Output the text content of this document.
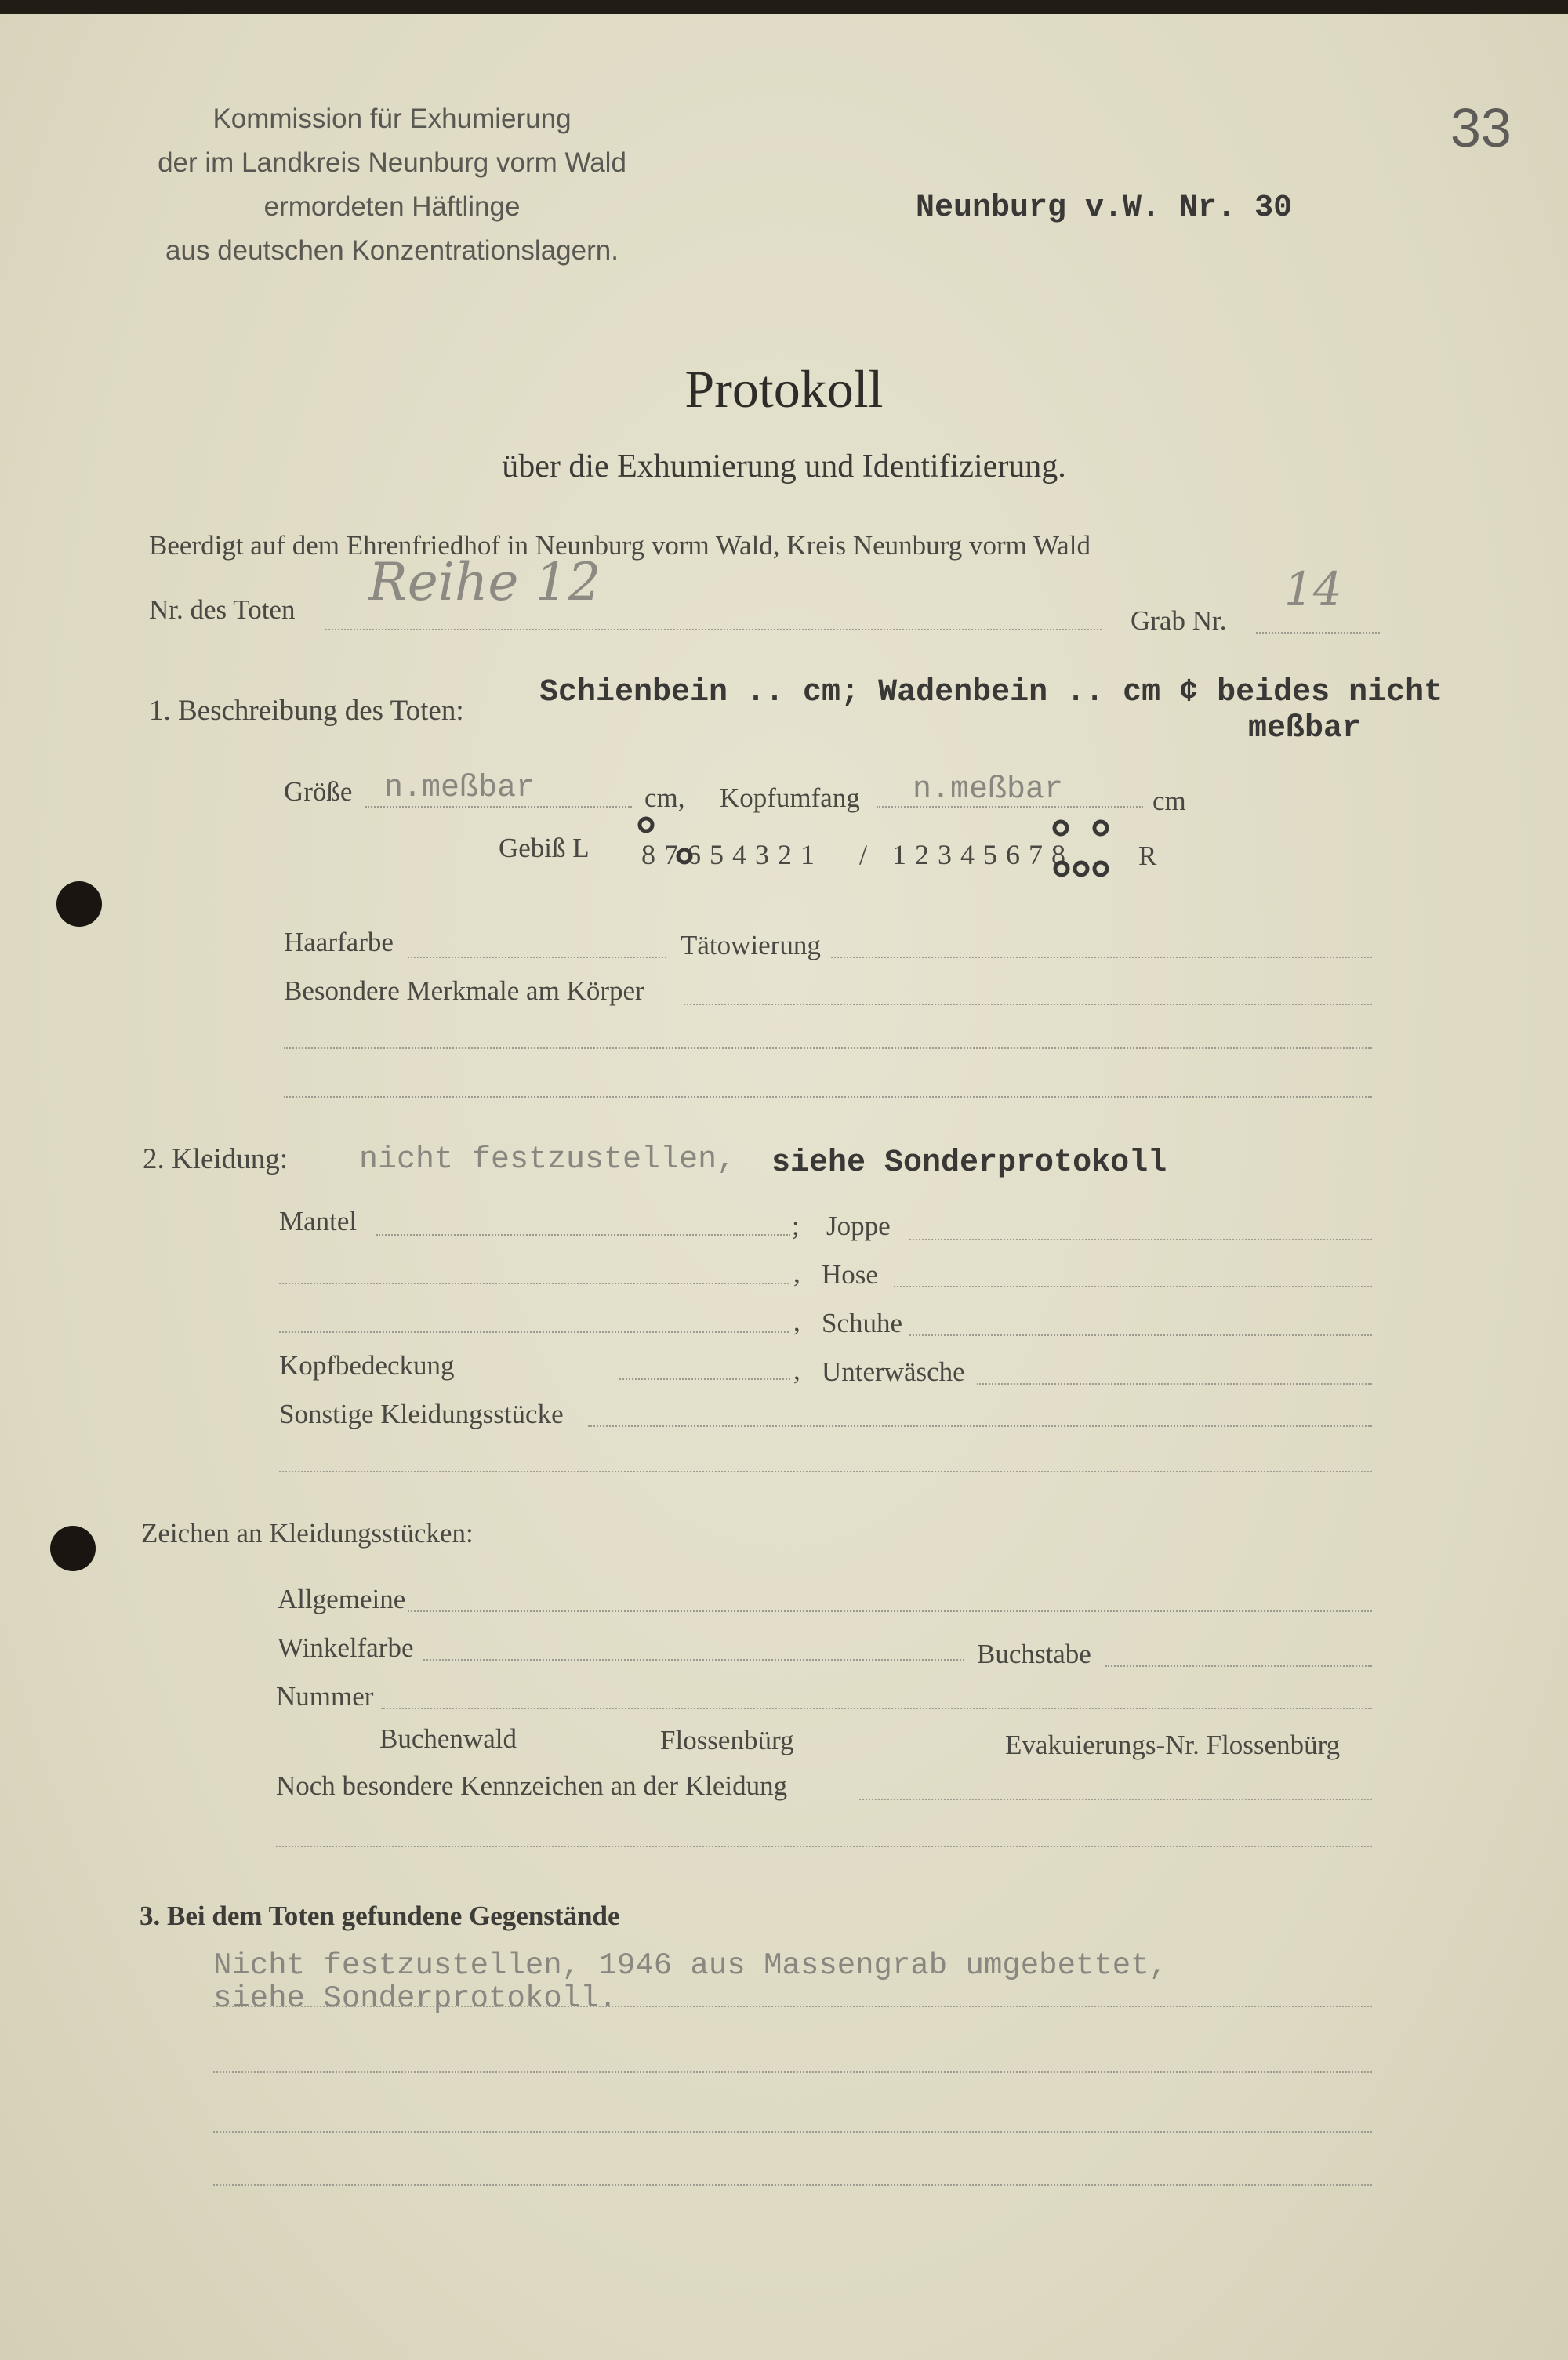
Kommission für Exhumierung
der im Landkreis Neunburg vorm Wald
ermordeten Häftlinge
aus deutschen Konzentrationslagern.
33
Neunburg v.W. Nr. 30
Protokoll
über die Exhumierung und Identifizierung.
Beerdigt auf dem Ehrenfriedhof in Neunburg vorm Wald, Kreis Neunburg vorm Wald
Nr. des Toten Reihe 12
Grab Nr.
14
1. Beschreibung des Toten:
Schienbein .. cm; Wadenbein .. cm ¢ beides nicht
meßbar
Größe n.meßbar	cm, Kopfumfang n.meßbar	cm
Gebiß L 8 7 6 5 4 3 2 1 / 1 2 3 4 5 6 7 8	R
Haarfarbe	Tätowierung
Besondere Merkmale am Körper
2. Kleidung: nicht festzustellen, siehe Sonderprotokoll
Mantel	; Joppe
, Hose
, Schuhe
Kopfbedeckung	, Unterwäsche
Sonstige Kleidungsstücke
Zeichen an Kleidungsstücken:
Allgemeine
Winkelfarbe	Buchstabe
Nummer
Buchenwald	Flossenbürg	Evakuierungs-Nr. Flossenbürg
Noch besondere Kennzeichen an der Kleidung
3. Bei dem Toten gefundene Gegenstände
Nicht festzustellen, 1946 aus Massengrab umgebettet,
siehe Sonderprotokoll.
